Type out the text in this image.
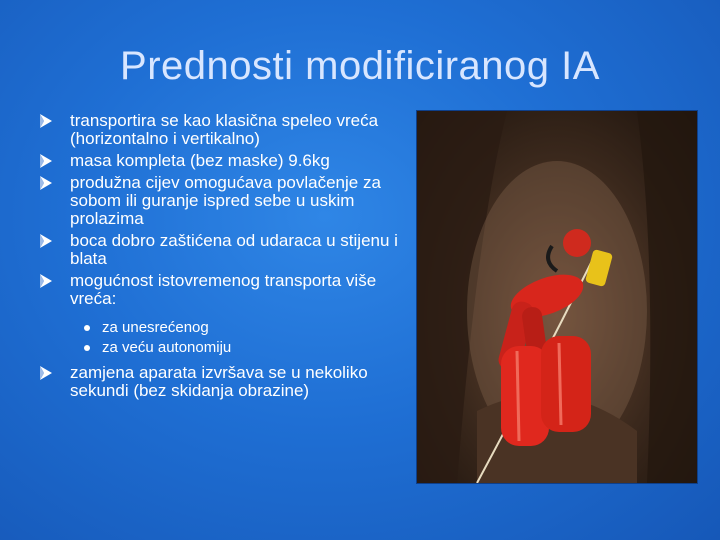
Prednosti modificiranog IA
transportira se kao klasična speleo vreća (horizontalno i vertikalno)
masa kompleta (bez maske) 9.6kg
produžna cijev omogućava povlačenje za sobom ili guranje ispred sebe u uskim prolazima
boca dobro zaštićena od udaraca u stijenu i blata
mogućnost istovremenog transporta više vreća:
za unesrećenog
za veću autonomiju
zamjena aparata izvršava se u nekoliko sekundi (bez skidanja obrazine)
